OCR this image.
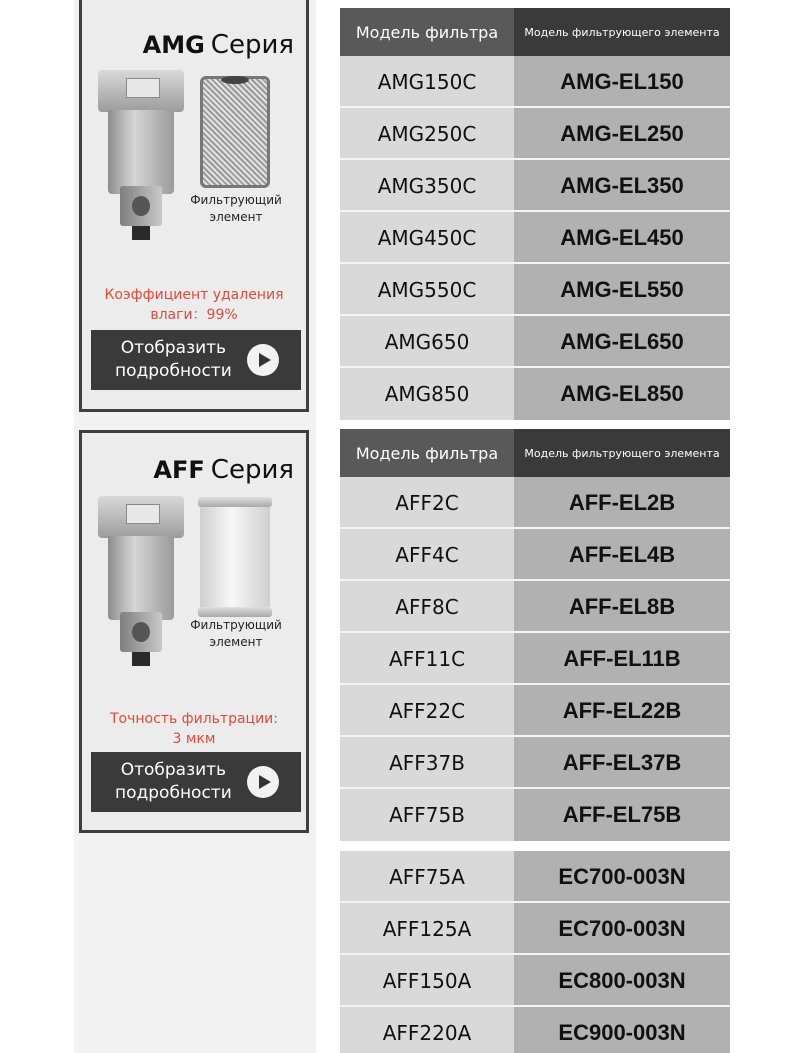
AMG Серия
Фильтрующий
элемент
Коэффициент удаления
влаги：99%
Отобразить
подробности
AFF Серия
Фильтрующий
элемент
Точность фильтрации:
3 мкм
Отобразить
подробности
Модель фильтра	Модель фильтрующего элемента
AMG150C	AMG-EL150
AMG250C	AMG-EL250
AMG350C	AMG-EL350
AMG450C	AMG-EL450
AMG550C	AMG-EL550
AMG650	AMG-EL650
AMG850	AMG-EL850
Модель фильтра	Модель фильтрующего элемента
AFF2C	AFF-EL2B
AFF4C	AFF-EL4B
AFF8C	AFF-EL8B
AFF11C	AFF-EL11B
AFF22C	AFF-EL22B
AFF37B	AFF-EL37B
AFF75B	AFF-EL75B
AFF75A	EC700-003N
AFF125A	EC700-003N
AFF150A	EC800-003N
AFF220A	EC900-003N
